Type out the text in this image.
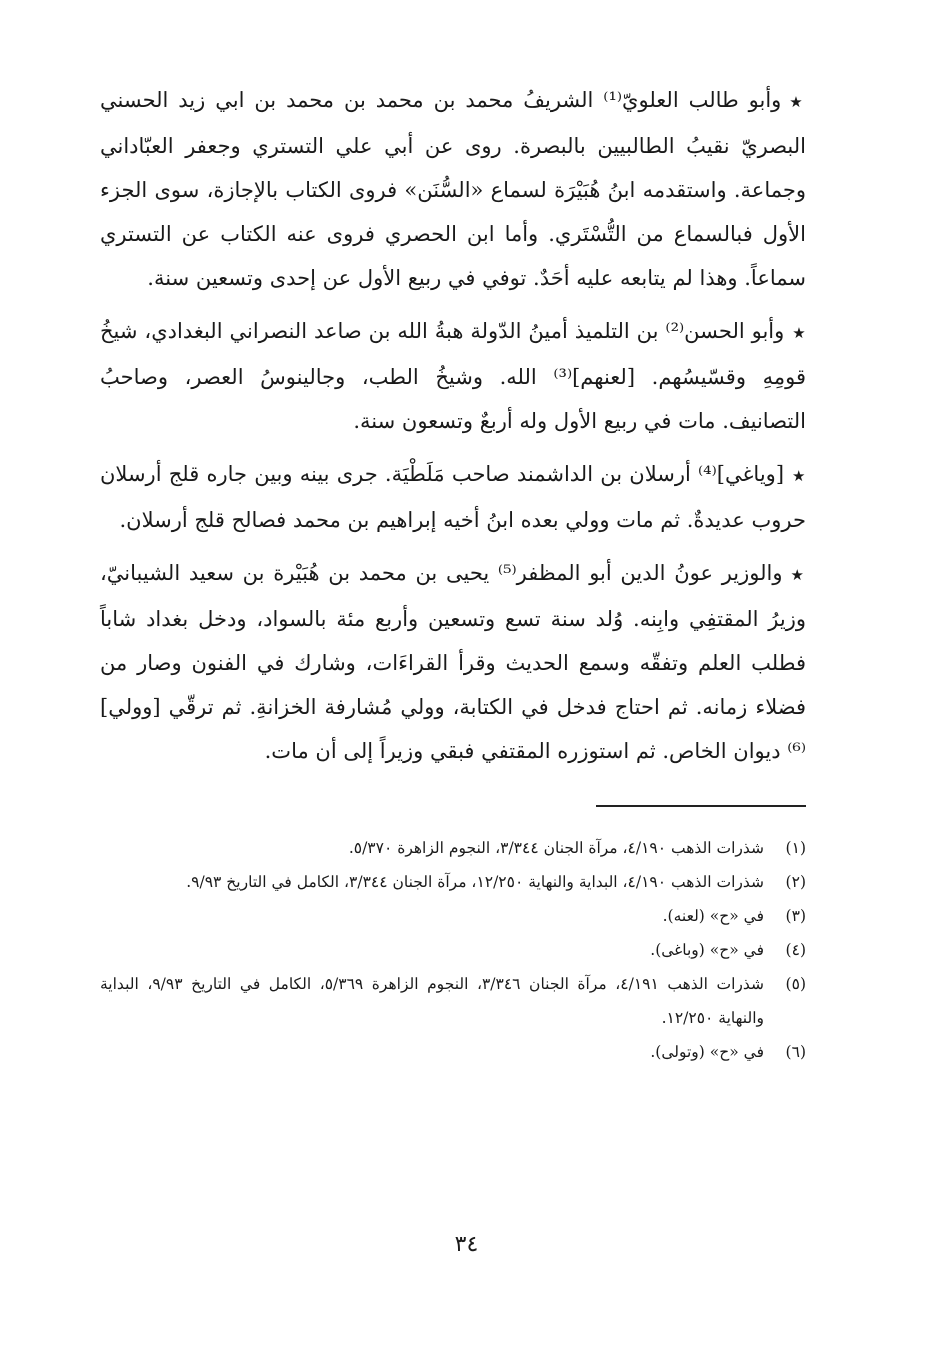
★وأبو طالب العلويّ⁽¹⁾ الشريفُ محمد بن محمد بن محمد بن ابي زيد الحسني البصريّ نقيبُ الطالبيين بالبصرة. روى عن أبي علي التستري وجعفر العبّاداني وجماعة. واستقدمه ابنُ هُبَيْرَة لسماع «السُّنَن» فروى الكتاب بالإجازة، سوى الجزء الأول فبالسماع من التُّسْتَري. وأما ابن الحصري فروى عنه الكتاب عن التستري سماعاً. وهذا لم يتابعه عليه أحَدٌ. توفي في ربيع الأول عن إحدى وتسعين سنة.

★وأبو الحسن⁽²⁾ بن التلميذ أمينُ الدّولة هبةُ الله بن صاعد النصراني البغدادي، شيخُ قومِهِ وقسّيسُهم. [لعنهم]⁽³⁾ الله. وشيخُ الطب، وجالينوسُ العصر، وصاحبُ التصانيف. مات في ربيع الأول وله أربعٌ وتسعون سنة.

★[وياغي]⁽⁴⁾ أرسلان بن الداشمند صاحب مَلَطْيَة. جرى بينه وبين جاره قلج أرسلان حروب عديدةٌ. ثم مات وولي بعده ابنُ أخيه إبراهيم بن محمد فصالح قلج أرسلان.

★والوزير عونُ الدين أبو المظفر⁽⁵⁾ يحيى بن محمد بن هُبَيْرة بن سعيد الشيبانيّ، وزيرُ المقتفِي وابِنه. وُلد سنة تسع وتسعين وأربع مئة بالسواد، ودخل بغداد شاباً فطلب العلم وتفقّه وسمع الحديث وقرأ القراءَات، وشارك في الفنون وصار من فضلاء زمانه. ثم احتاج فدخل في الكتابة، وولي مُشارفة الخزانةِ. ثم ترقّي [وولي]⁽⁶⁾ ديوان الخاص. ثم استوزره المقتفي فبقي وزيراً إلى أن مات.

(١)
شذرات الذهب ٤/١٩٠، مرآة الجنان ٣/٣٤٤، النجوم الزاهرة ٥/٣٧٠.
(٢)
شذرات الذهب ٤/١٩٠، البداية والنهاية ١٢/٢٥٠، مرآة الجنان ٣/٣٤٤، الكامل في التاريخ ٩/٩٣.
(٣)
في «ح» (لعنه).
(٤)
في «ح» (وباغى).
(٥)
شذرات الذهب ٤/١٩١، مرآة الجنان ٣/٣٤٦، النجوم الزاهرة ٥/٣٦٩، الكامل في التاريخ ٩/٩٣، البداية والنهاية ١٢/٢٥٠.
(٦)
في «ح» (وتولى).
٣٤
